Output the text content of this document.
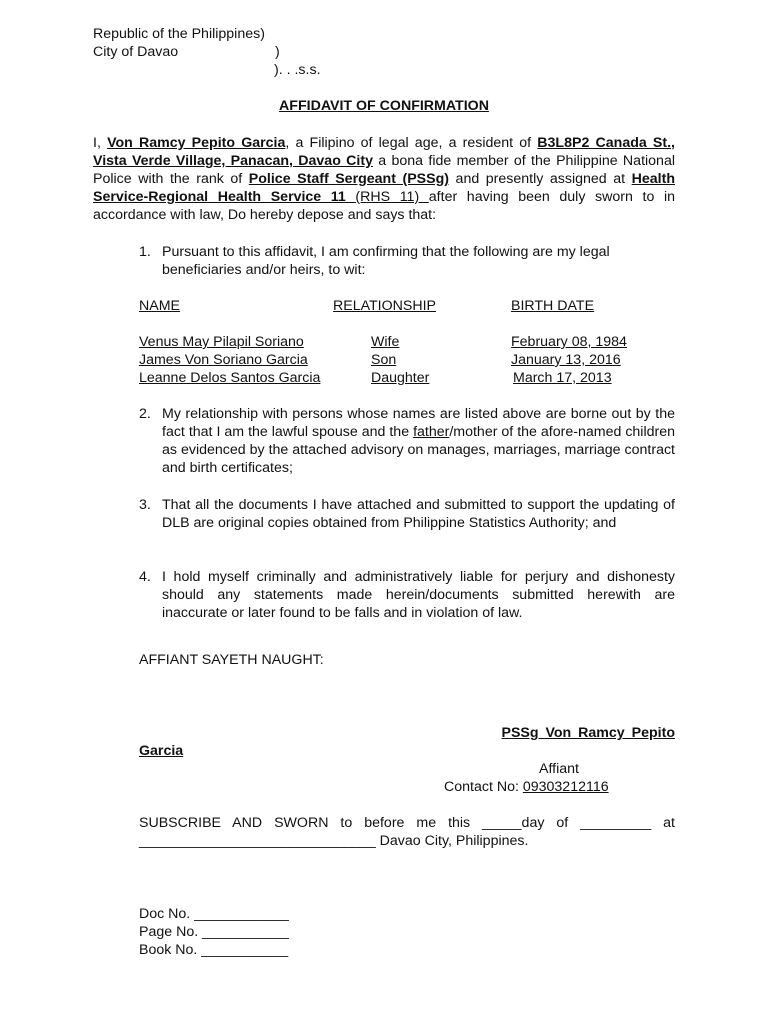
Republic of the Philippines)
City of Davao	)
). . .s.s.
AFFIDAVIT OF CONFIRMATION
I, Von Ramcy Pepito Garcia, a Filipino of legal age, a resident of B3L8P2 Canada St., Vista Verde Village, Panacan, Davao City a bona fide member of the Philippine National Police with the rank of Police Staff Sergeant (PSSg) and presently assigned at Health Service-Regional Health Service 11 (RHS 11) after having been duly sworn to in accordance with law, Do hereby depose and says that:
1. Pursuant to this affidavit, I am confirming that the following are my legal beneficiaries and/or heirs, to wit:
NAME	RELATIONSHIP	BIRTH DATE
Venus May Pilapil Soriano	Wife	February 08, 1984
James Von Soriano Garcia	Son	January 13, 2016
Leanne Delos Santos Garcia	Daughter	March 17, 2013
2. My relationship with persons whose names are listed above are borne out by the fact that I am the lawful spouse and the father/mother of the afore-named children as evidenced by the attached advisory on manages, marriages, marriage contract and birth certificates;
3. That all the documents I have attached and submitted to support the updating of DLB are original copies obtained from Philippine Statistics Authority; and
4. I hold myself criminally and administratively liable for perjury and dishonesty should any statements made herein/documents submitted herewith are inaccurate or later found to be falls and in violation of law.
AFFIANT SAYETH NAUGHT:
PSSg Von Ramcy Pepito
Garcia
Affiant
Contact No: 09303212116
SUBSCRIBE AND SWORN to before me this _____day of _________ at ______________________________ Davao City, Philippines.
Doc No. ____________
Page No. ___________
Book No. ___________
